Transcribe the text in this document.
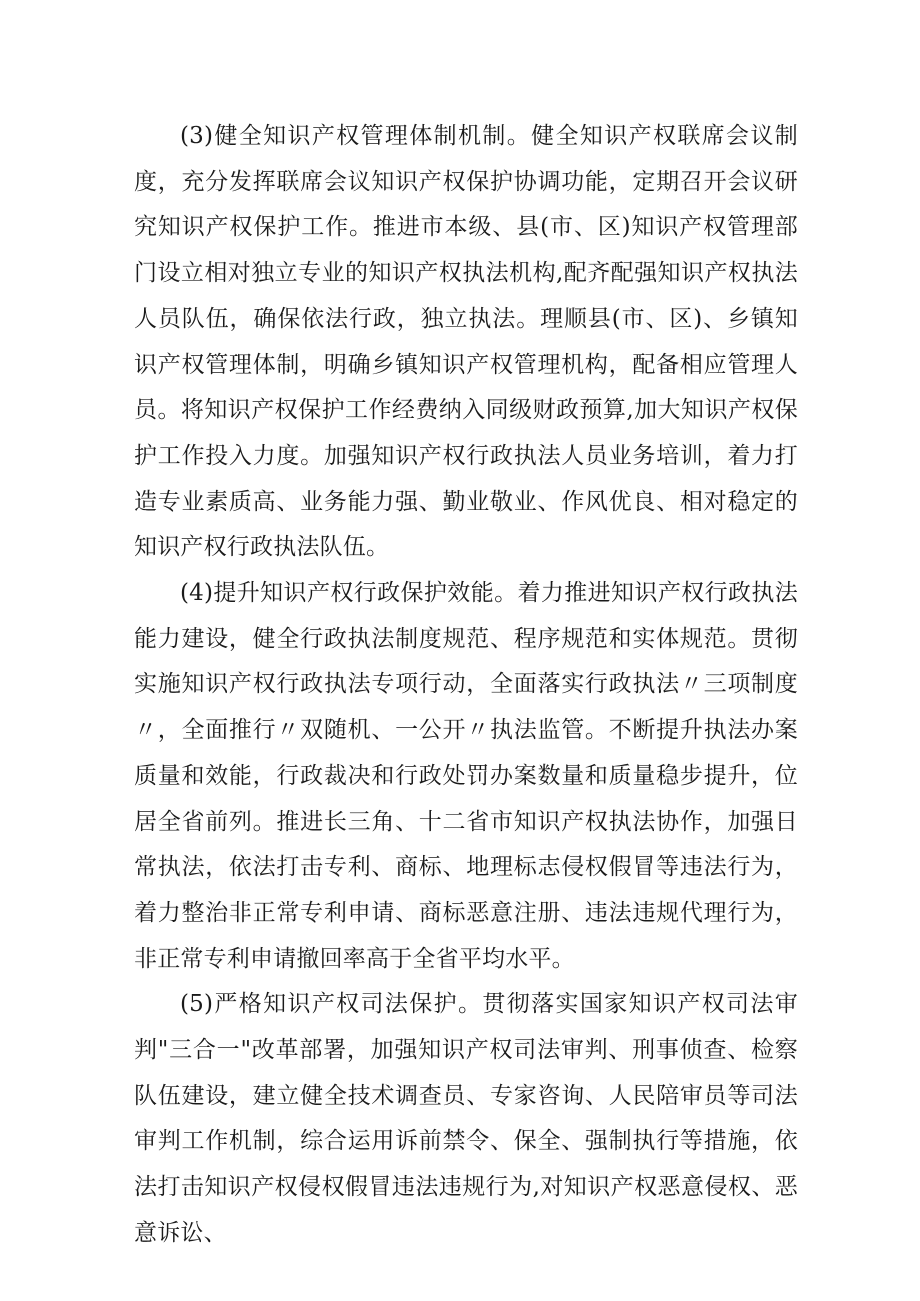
(3)健全知识产权管理体制机制。健全知识产权联席会议制度，充分发挥联席会议知识产权保护协调功能，定期召开会议研究知识产权保护工作。推进市本级、县(市、区)知识产权管理部门设立相对独立专业的知识产权执法机构,配齐配强知识产权执法人员队伍，确保依法行政，独立执法。理顺县(市、区)、乡镇知识产权管理体制，明确乡镇知识产权管理机构，配备相应管理人员。将知识产权保护工作经费纳入同级财政预算,加大知识产权保护工作投入力度。加强知识产权行政执法人员业务培训，着力打造专业素质高、业务能力强、勤业敬业、作风优良、相对稳定的知识产权行政执法队伍。

(4)提升知识产权行政保护效能。着力推进知识产权行政执法能力建设，健全行政执法制度规范、程序规范和实体规范。贯彻实施知识产权行政执法专项行动，全面落实行政执法〃三项制度〃，全面推行〃双随机、一公开〃执法监管。不断提升执法办案质量和效能，行政裁决和行政处罚办案数量和质量稳步提升，位居全省前列。推进长三角、十二省市知识产权执法协作，加强日常执法，依法打击专利、商标、地理标志侵权假冒等违法行为，着力整治非正常专利申请、商标恶意注册、违法违规代理行为，非正常专利申请撤回率高于全省平均水平。

(5)严格知识产权司法保护。贯彻落实国家知识产权司法审判"三合一"改革部署，加强知识产权司法审判、刑事侦查、检察队伍建设，建立健全技术调查员、专家咨询、人民陪审员等司法审判工作机制，综合运用诉前禁令、保全、强制执行等措施，依法打击知识产权侵权假冒违法违规行为,对知识产权恶意侵权、恶意诉讼、
